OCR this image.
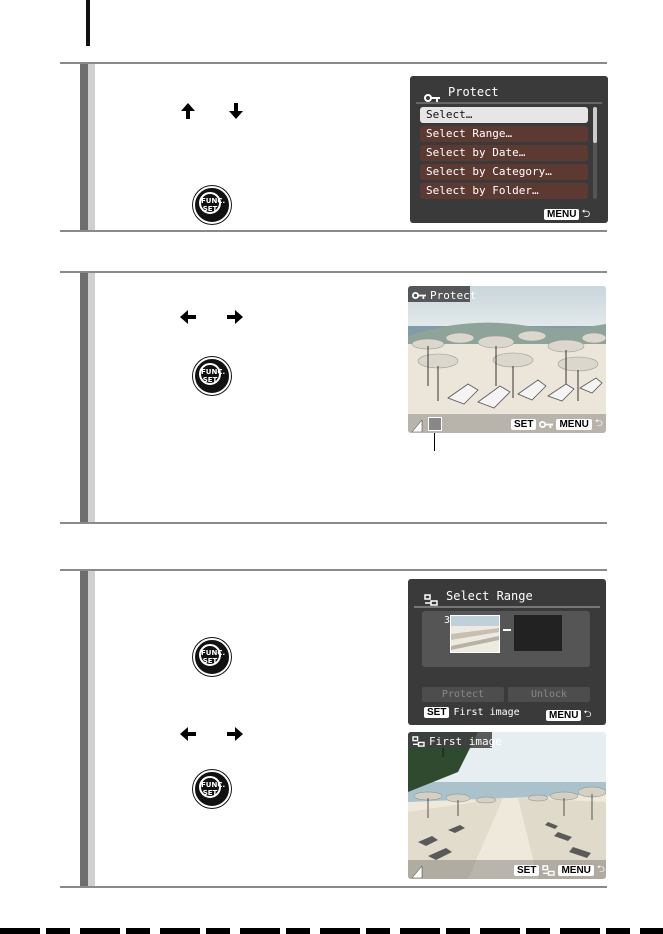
FUNC.
SET
Protect
Select…
Select Range…
Select by Date…
Select by Category…
Select by Folder…
MENU ⮌
FUNC.
SET
Protect
SET	MENU ⮌
FUNC.
SET
FUNC.
SET
Select Range
3
Protect	Unlock
SET First image	MENU ⮌
First image
SET	MENU ⮌
